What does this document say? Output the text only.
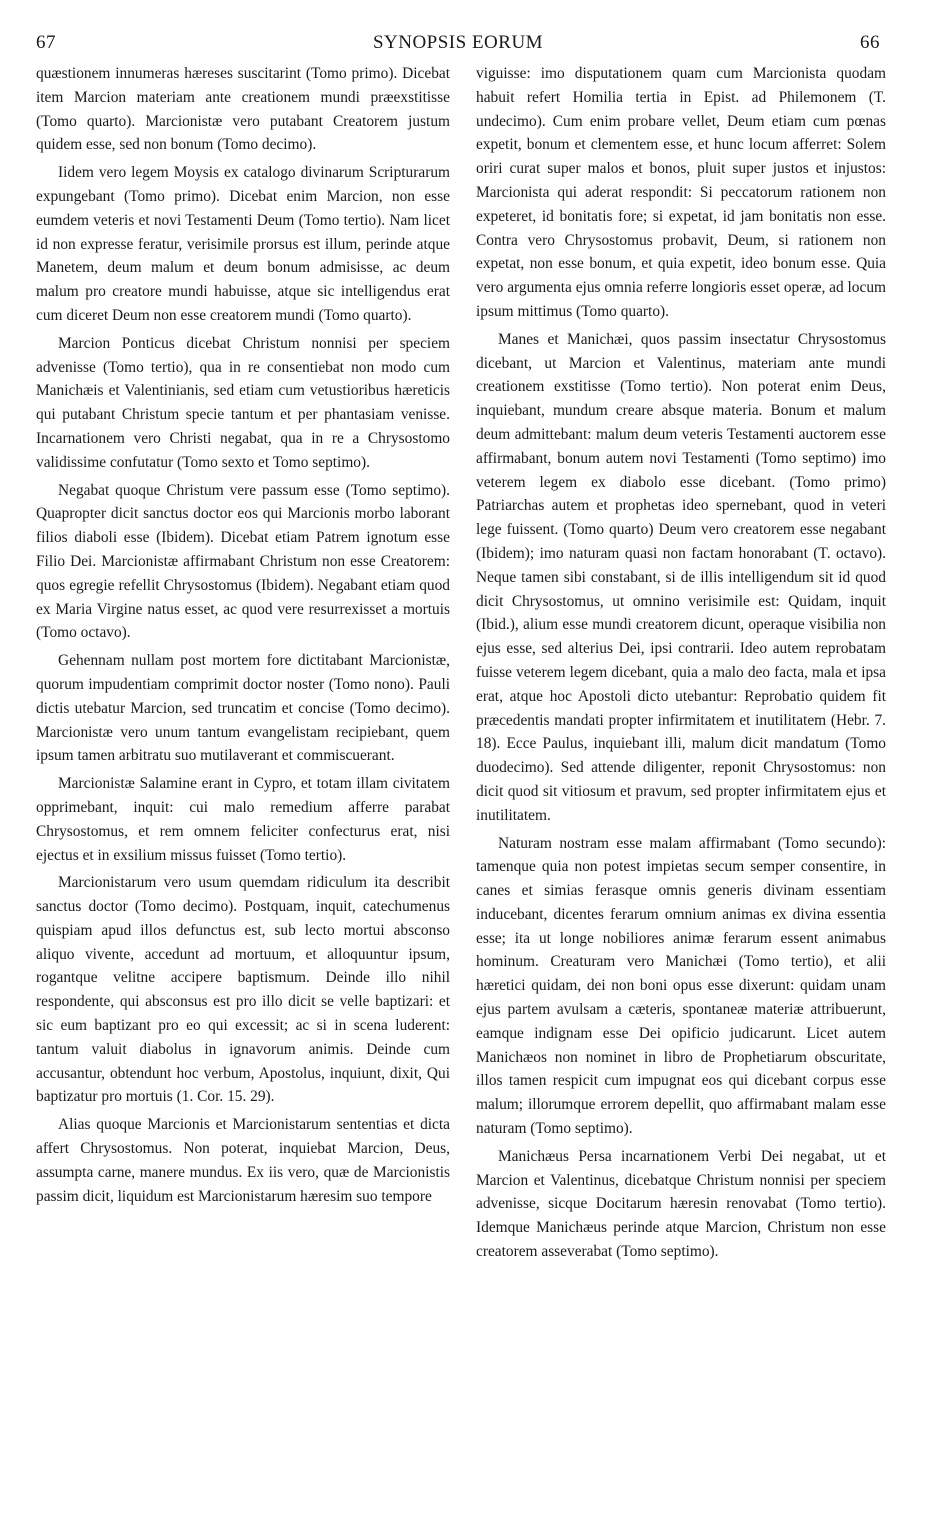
67	SYNOPSIS EORUM	66

quæstionem innumeras hæreses suscitarint (Tomo primo). Dicebat item Marcion materiam ante creationem mundi præexstitisse (Tomo quarto). Marcionistæ vero putabant Creatorem justum quidem esse, sed non bonum (Tomo decimo).

Iidem vero legem Moysis ex catalogo divinarum Scripturarum expungebant (Tomo primo). Dicebat enim Marcion, non esse eumdem veteris et novi Testamenti Deum (Tomo tertio). Nam licet id non expresse feratur, verisimile prorsus est illum, perinde atque Manetem, deum malum et deum bonum admisisse, ac deum malum pro creatore mundi habuisse, atque sic intelligendus erat cum diceret Deum non esse creatorem mundi (Tomo quarto).

Marcion Ponticus dicebat Christum nonnisi per speciem advenisse (Tomo tertio), qua in re consentiebat non modo cum Manichæis et Valentinianis, sed etiam cum vetustioribus hæreticis qui putabant Christum specie tantum et per phantasiam venisse. Incarnationem vero Christi negabat, qua in re a Chrysostomo validissime confutatur (Tomo sexto et Tomo septimo).

Negabat quoque Christum vere passum esse (Tomo septimo). Quapropter dicit sanctus doctor eos qui Marcionis morbo laborant filios diaboli esse (Ibidem). Dicebat etiam Patrem ignotum esse Filio Dei. Marcionistæ affirmabant Christum non esse Creatorem: quos egregie refellit Chrysostomus (Ibidem). Negabant etiam quod ex Maria Virgine natus esset, ac quod vere resurrexisset a mortuis (Tomo octavo).

Gehennam nullam post mortem fore dictitabant Marcionistæ, quorum impudentiam comprimit doctor noster (Tomo nono). Pauli dictis utebatur Marcion, sed truncatim et concise (Tomo decimo). Marcionistæ vero unum tantum evangelistam recipiebant, quem ipsum tamen arbitratu suo mutilaverant et commiscuerant.

Marcionistæ Salamine erant in Cypro, et totam illam civitatem opprimebant, inquit: cui malo remedium afferre parabat Chrysostomus, et rem omnem feliciter confecturus erat, nisi ejectus et in exsilium missus fuisset (Tomo tertio).

Marcionistarum vero usum quemdam ridiculum ita describit sanctus doctor (Tomo decimo). Postquam, inquit, catechumenus quispiam apud illos defunctus est, sub lecto mortui absconso aliquo vivente, accedunt ad mortuum, et alloquuntur ipsum, rogantque velitne accipere baptismum. Deinde illo nihil respondente, qui absconsus est pro illo dicit se velle baptizari: et sic eum baptizant pro eo qui excessit; ac si in scena luderent: tantum valuit diabolus in ignavorum animis. Deinde cum accusantur, obtendunt hoc verbum, Apostolus, inquiunt, dixit, Qui baptizatur pro mortuis (1. Cor. 15. 29).

Alias quoque Marcionis et Marcionistarum sententias et dicta affert Chrysostomus. Non poterat, inquiebat Marcion, Deus, assumpta carne, manere mundus. Ex iis vero, quæ de Marcionistis passim dicit, liquidum est Marcionistarum hæresim suo tempore

viguisse: imo disputationem quam cum Marcionista quodam habuit refert Homilia tertia in Epist. ad Philemonem (T. undecimo). Cum enim probare vellet, Deum etiam cum pœnas expetit, bonum et clementem esse, et hunc locum afferret: Solem oriri curat super malos et bonos, pluit super justos et injustos: Marcionista qui aderat respondit: Si peccatorum rationem non expeteret, id bonitatis fore; si expetat, id jam bonitatis non esse. Contra vero Chrysostomus probavit, Deum, si rationem non expetat, non esse bonum, et quia expetit, ideo bonum esse. Quia vero argumenta ejus omnia referre longioris esset operæ, ad locum ipsum mittimus (Tomo quarto).

Manes et Manichæi, quos passim insectatur Chrysostomus dicebant, ut Marcion et Valentinus, materiam ante mundi creationem exstitisse (Tomo tertio). Non poterat enim Deus, inquiebant, mundum creare absque materia. Bonum et malum deum admittebant: malum deum veteris Testamenti auctorem esse affirmabant, bonum autem novi Testamenti (Tomo septimo) imo veterem legem ex diabolo esse dicebant. (Tomo primo) Patriarchas autem et prophetas ideo spernebant, quod in veteri lege fuissent. (Tomo quarto) Deum vero creatorem esse negabant (Ibidem); imo naturam quasi non factam honorabant (T. octavo). Neque tamen sibi constabant, si de illis intelligendum sit id quod dicit Chrysostomus, ut omnino verisimile est: Quidam, inquit (Ibid.), alium esse mundi creatorem dicunt, operaque visibilia non ejus esse, sed alterius Dei, ipsi contrarii. Ideo autem reprobatam fuisse veterem legem dicebant, quia a malo deo facta, mala et ipsa erat, atque hoc Apostoli dicto utebantur: Reprobatio quidem fit præcedentis mandati propter infirmitatem et inutilitatem (Hebr. 7. 18). Ecce Paulus, inquiebant illi, malum dicit mandatum (Tomo duodecimo). Sed attende diligenter, reponit Chrysostomus: non dicit quod sit vitiosum et pravum, sed propter infirmitatem ejus et inutilitatem.

Naturam nostram esse malam affirmabant (Tomo secundo): tamenque quia non potest impietas secum semper consentire, in canes et simias ferasque omnis generis divinam essentiam inducebant, dicentes ferarum omnium animas ex divina essentia esse; ita ut longe nobiliores animæ ferarum essent animabus hominum. Creaturam vero Manichæi (Tomo tertio), et alii hæretici quidam, dei non boni opus esse dixerunt: quidam unam ejus partem avulsam a cæteris, spontaneæ materiæ attribuerunt, eamque indignam esse Dei opificio judicarunt. Licet autem Manichæos non nominet in libro de Prophetiarum obscuritate, illos tamen respicit cum impugnat eos qui dicebant corpus esse malum; illorumque errorem depellit, quo affirmabant malam esse naturam (Tomo septimo).

Manichæus Persa incarnationem Verbi Dei negabat, ut et Marcion et Valentinus, dicebatque Christum nonnisi per speciem advenisse, sicque Docitarum hæresin renovabat (Tomo tertio). Idemque Manichæus perinde atque Marcion, Christum non esse creatorem asseverabat (Tomo septimo).
